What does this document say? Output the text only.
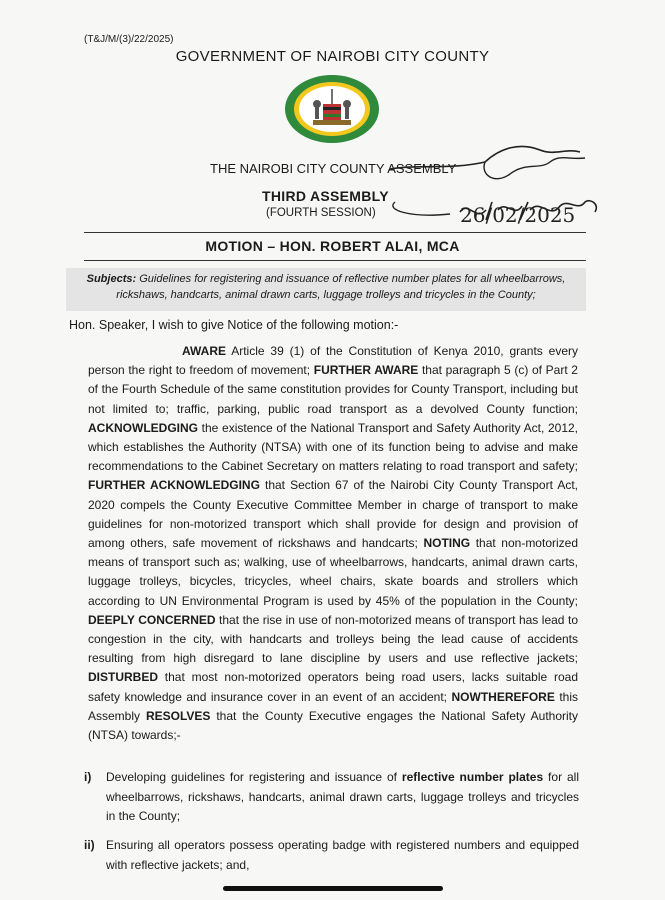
(T&J/M/(3)/22/2025)
GOVERNMENT OF NAIROBI CITY COUNTY
THE NAIROBI CITY COUNTY ASSEMBLY
THIRD ASSEMBLY
(FOURTH SESSION)	26/02/2025
MOTION – HON. ROBERT ALAI, MCA
Subjects: Guidelines for registering and issuance of reflective number plates for all wheelbarrows, rickshaws, handcarts, animal drawn carts, luggage trolleys and tricycles in the County;
Hon. Speaker, I wish to give Notice of the following motion:-
AWARE Article 39 (1) of the Constitution of Kenya 2010, grants every person the right to freedom of movement; FURTHER AWARE that paragraph 5 (c) of Part 2 of the Fourth Schedule of the same constitution provides for County Transport, including but not limited to; traffic, parking, public road transport as a devolved County function; ACKNOWLEDGING the existence of the National Transport and Safety Authority Act, 2012, which establishes the Authority (NTSA) with one of its function being to advise and make recommendations to the Cabinet Secretary on matters relating to road transport and safety; FURTHER ACKNOWLEDGING that Section 67 of the Nairobi City County Transport Act, 2020 compels the County Executive Committee Member in charge of transport to make guidelines for non-motorized transport which shall provide for design and provision of among others, safe movement of rickshaws and handcarts; NOTING that non-motorized means of transport such as; walking, use of wheelbarrows, handcarts, animal drawn carts, luggage trolleys, bicycles, tricycles, wheel chairs, skate boards and strollers which according to UN Environmental Program is used by 45% of the population in the County; DEEPLY CONCERNED that the rise in use of non-motorized means of transport has lead to congestion in the city, with handcarts and trolleys being the lead cause of accidents resulting from high disregard to lane discipline by users and use reflective jackets; DISTURBED that most non-motorized operators being road users, lacks suitable road safety knowledge and insurance cover in an event of an accident; NOWTHEREFORE this Assembly RESOLVES that the County Executive engages the National Safety Authority (NTSA) towards;-
i) Developing guidelines for registering and issuance of reflective number plates for all wheelbarrows, rickshaws, handcarts, animal drawn carts, luggage trolleys and tricycles in the County;
ii) Ensuring all operators possess operating badge with registered numbers and equipped with reflective jackets; and,
